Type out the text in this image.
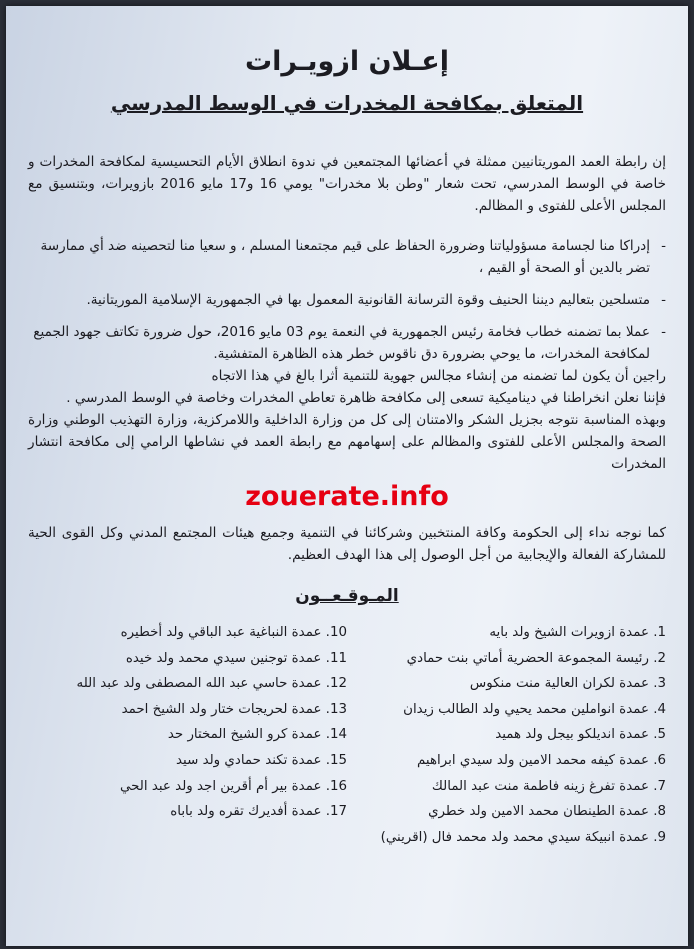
إعـلان ازويـرات
المتعلق بمكافحة المخدرات في الوسط المدرسي

إن رابطة العمد الموريتانيين ممثلة في أعضائها المجتمعين في ندوة انطلاق الأيام التحسيسية لمكافحة المخدرات و خاصة في الوسط المدرسي، تحت شعار "وطن بلا مخدرات" يومي 16 و17 مايو 2016 بازويرات، وبتنسيق مع المجلس الأعلى للفتوى و المظالم.

-
إدراكا منا لجسامة مسؤولياتنا وضرورة الحفاظ على قيم مجتمعنا المسلم ، و سعيا منا لتحصينه ضد أي ممارسة تضر بالدين أو الصحة أو القيم ،
-
متسلحين بتعاليم ديننا الحنيف وقوة الترسانة القانونية المعمول بها في الجمهورية الإسلامية الموريتانية.
-
عملا بما تضمنه خطاب فخامة رئيس الجمهورية في النعمة يوم 03 مايو 2016، حول ضرورة تكاتف جهود الجميع لمكافحة المخدرات، ما يوحي بضرورة دق ناقوس خطر هذه الظاهرة المتفشية.

راجين أن يكون لما تضمنه من إنشاء مجالس جهوية للتنمية أثرا بالغ في هذا الاتجاه

فإننا نعلن انخراطنا في ديناميكية تسعى إلى مكافحة ظاهرة تعاطي المخدرات وخاصة في الوسط المدرسي .

وبهذه المناسبة نتوجه بجزيل الشكر والامتنان إلى كل من وزارة الداخلية واللامركزية، وزارة التهذيب الوطني وزارة الصحة والمجلس الأعلى للفتوى والمظالم على إسهامهم مع رابطة العمد في نشاطها الرامي إلى مكافحة انتشار المخدرات

zouerate.info

كما نوجه نداء إلى الحكومة وكافة المنتخبين وشركائنا في التنمية وجميع هيئات المجتمع المدني وكل القوى الحية للمشاركة الفعالة والإيجابية من أجل الوصول إلى هذا الهدف العظيم.

المـوقـعــون
1. عمدة ازويرات الشيخ ولد بايه
2. رئيسة المجموعة الحضرية أماتي بنت حمادي
3. عمدة لكران العالية منت منكوس
4. عمدة انواملين محمد يحيي ولد الطالب زيدان
5. عمدة انديلكو بيجل ولد هميد
6. عمدة كيفه محمد الامين ولد سيدي ابراهيم
7. عمدة تفرغ زينه فاطمة منت عبد المالك
8. عمدة الطينطان محمد الامين ولد خطري
9. عمدة انبيكة سيدي محمد ولد محمد فال (اقريني)
10. عمدة النباغية عبد الباقي ولد أخطيره
11. عمدة توجنين سيدي محمد ولد خيده
12. عمدة حاسي عبد الله المصطفى ولد عبد الله
13. عمدة لحريجات ختار ولد الشيخ احمد
14. عمدة كرو الشيخ المختار حد
15. عمدة تكند حمادي ولد سيد
16. عمدة بير أم أقرين اجد ولد عبد الحي
17. عمدة أفديرك تقره ولد باباه
